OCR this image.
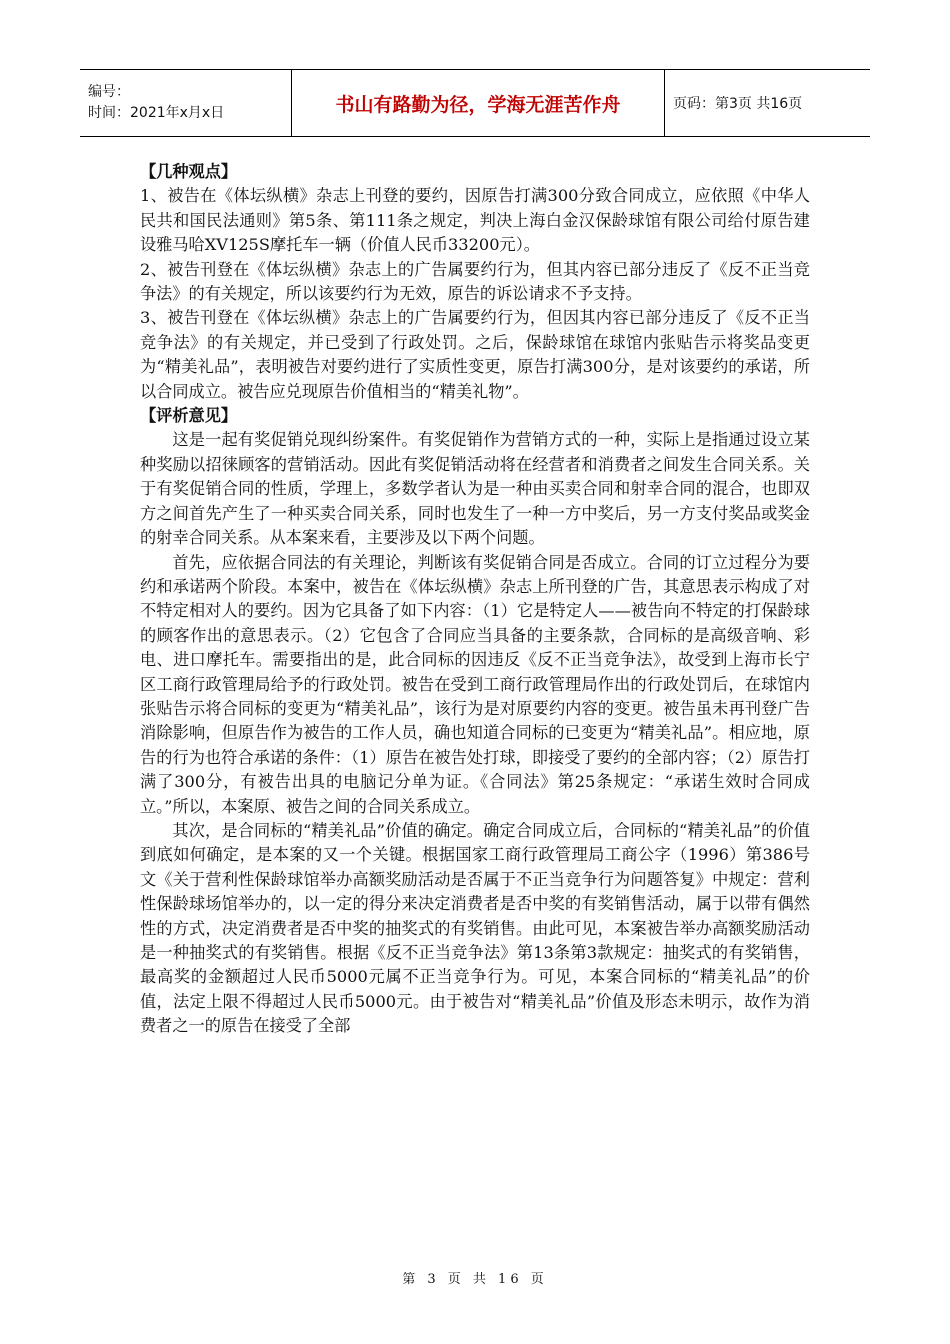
编号：
时间：2021年x月x日	书山有路勤为径，学海无涯苦作舟	页码：第3页 共16页

【几种观点】

1、被告在《体坛纵横》杂志上刊登的要约，因原告打满300分致合同成立，应依照《中华人民共和国民法通则》第5条、第111条之规定，判决上海白金汉保龄球馆有限公司给付原告建设雅马哈XV125S摩托车一辆（价值人民币33200元）。

2、被告刊登在《体坛纵横》杂志上的广告属要约行为，但其内容已部分违反了《反不正当竞争法》的有关规定，所以该要约行为无效，原告的诉讼请求不予支持。

3、被告刊登在《体坛纵横》杂志上的广告属要约行为，但因其内容已部分违反了《反不正当竞争法》的有关规定，并已受到了行政处罚。之后，保龄球馆在球馆内张贴告示将奖品变更为“精美礼品”，表明被告对要约进行了实质性变更，原告打满300分，是对该要约的承诺，所以合同成立。被告应兑现原告价值相当的“精美礼物”。

【评析意见】

这是一起有奖促销兑现纠纷案件。有奖促销作为营销方式的一种，实际上是指通过设立某种奖励以招徕顾客的营销活动。因此有奖促销活动将在经营者和消费者之间发生合同关系。关于有奖促销合同的性质，学理上，多数学者认为是一种由买卖合同和射幸合同的混合，也即双方之间首先产生了一种买卖合同关系，同时也发生了一种一方中奖后，另一方支付奖品或奖金的射幸合同关系。从本案来看，主要涉及以下两个问题。

首先，应依据合同法的有关理论，判断该有奖促销合同是否成立。合同的订立过程分为要约和承诺两个阶段。本案中，被告在《体坛纵横》杂志上所刊登的广告，其意思表示构成了对不特定相对人的要约。因为它具备了如下内容：（1）它是特定人——被告向不特定的打保龄球的顾客作出的意思表示。（2）它包含了合同应当具备的主要条款，合同标的是高级音响、彩电、进口摩托车。需要指出的是，此合同标的因违反《反不正当竞争法》，故受到上海市长宁区工商行政管理局给予的行政处罚。被告在受到工商行政管理局作出的行政处罚后，在球馆内张贴告示将合同标的变更为“精美礼品”，该行为是对原要约内容的变更。被告虽未再刊登广告消除影响，但原告作为被告的工作人员，确也知道合同标的已变更为“精美礼品”。相应地，原告的行为也符合承诺的条件：（1）原告在被告处打球，即接受了要约的全部内容；（2）原告打满了300分，有被告出具的电脑记分单为证。《合同法》第25条规定：“承诺生效时合同成立。”所以，本案原、被告之间的合同关系成立。

其次，是合同标的“精美礼品”价值的确定。确定合同成立后，合同标的“精美礼品”的价值到底如何确定，是本案的又一个关键。根据国家工商行政管理局工商公字（1996）第386号文《关于营利性保龄球馆举办高额奖励活动是否属于不正当竞争行为问题答复》中规定：营利性保龄球场馆举办的，以一定的得分来决定消费者是否中奖的有奖销售活动，属于以带有偶然性的方式，决定消费者是否中奖的抽奖式的有奖销售。由此可见，本案被告举办高额奖励活动是一种抽奖式的有奖销售。根据《反不正当竞争法》第13条第3款规定：抽奖式的有奖销售，最高奖的金额超过人民币5000元属不正当竞争行为。可见，本案合同标的“精美礼品”的价值，法定上限不得超过人民币5000元。由于被告对“精美礼品”价值及形态未明示，故作为消费者之一的原告在接受了全部

第 3 页 共 16 页
